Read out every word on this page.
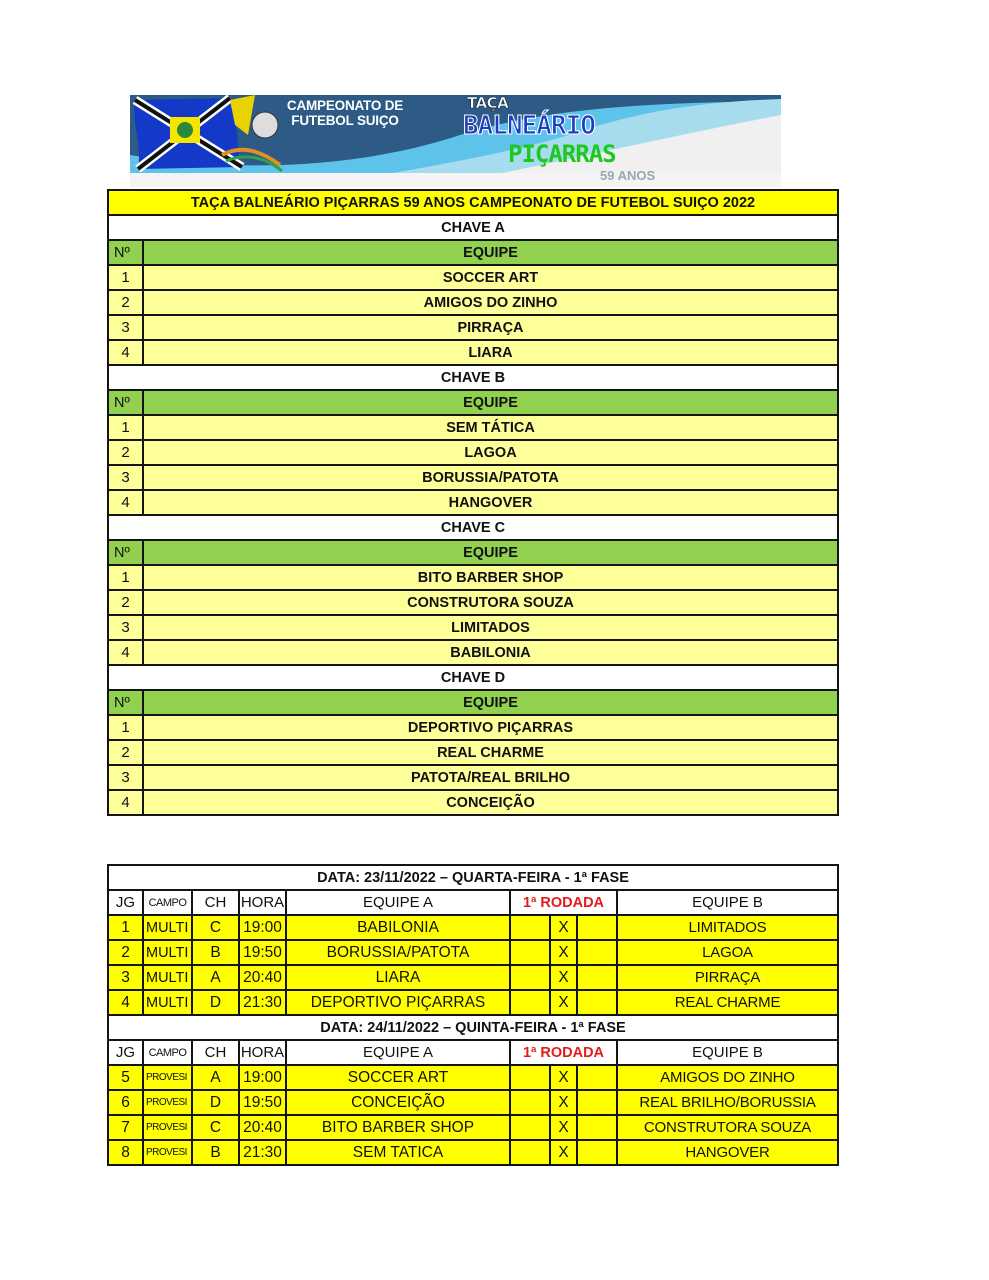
CAMPEONATO DE
FUTEBOL SUIÇO
TAÇA
BALNEÁRIO
PIÇARRAS
59 ANOS
TAÇA BALNEÁRIO PIÇARRAS 59 ANOS CAMPEONATO DE FUTEBOL SUIÇO 2022	
CHAVE A	
Nº	EQUIPE
1	SOCCER ART
2	AMIGOS DO ZINHO
3	PIRRAÇA
4	LIARA
CHAVE B	
Nº	EQUIPE
1	SEM TÁTICA
2	LAGOA
3	BORUSSIA/PATOTA
4	HANGOVER
CHAVE C	
Nº	EQUIPE
1	BITO BARBER SHOP
2	CONSTRUTORA SOUZA
3	LIMITADOS
4	BABILONIA
CHAVE D	
Nº	EQUIPE
1	DEPORTIVO PIÇARRAS
2	REAL CHARME
3	PATOTA/REAL BRILHO
4	CONCEIÇÃO
DATA: 23/11/2022 – QUARTA-FEIRA - 1ª FASE								
JG	CAMPO	CH	HORA	EQUIPE A	1ª RODADA			EQUIPE B
1	MULTI	C	19:00	BABILONIA		X		LIMITADOS
2	MULTI	B	19:50	BORUSSIA/PATOTA		X		LAGOA
3	MULTI	A	20:40	LIARA		X		PIRRAÇA
4	MULTI	D	21:30	DEPORTIVO PIÇARRAS		X		REAL CHARME
DATA: 24/11/2022 – QUINTA-FEIRA - 1ª FASE								
JG	CAMPO	CH	HORA	EQUIPE A	1ª RODADA			EQUIPE B
5	PROVESI	A	19:00	SOCCER ART		X		AMIGOS DO ZINHO
6	PROVESI	D	19:50	CONCEIÇÃO		X		REAL BRILHO/BORUSSIA
7	PROVESI	C	20:40	BITO BARBER SHOP		X		CONSTRUTORA SOUZA
8	PROVESI	B	21:30	SEM TATICA		X		HANGOVER
